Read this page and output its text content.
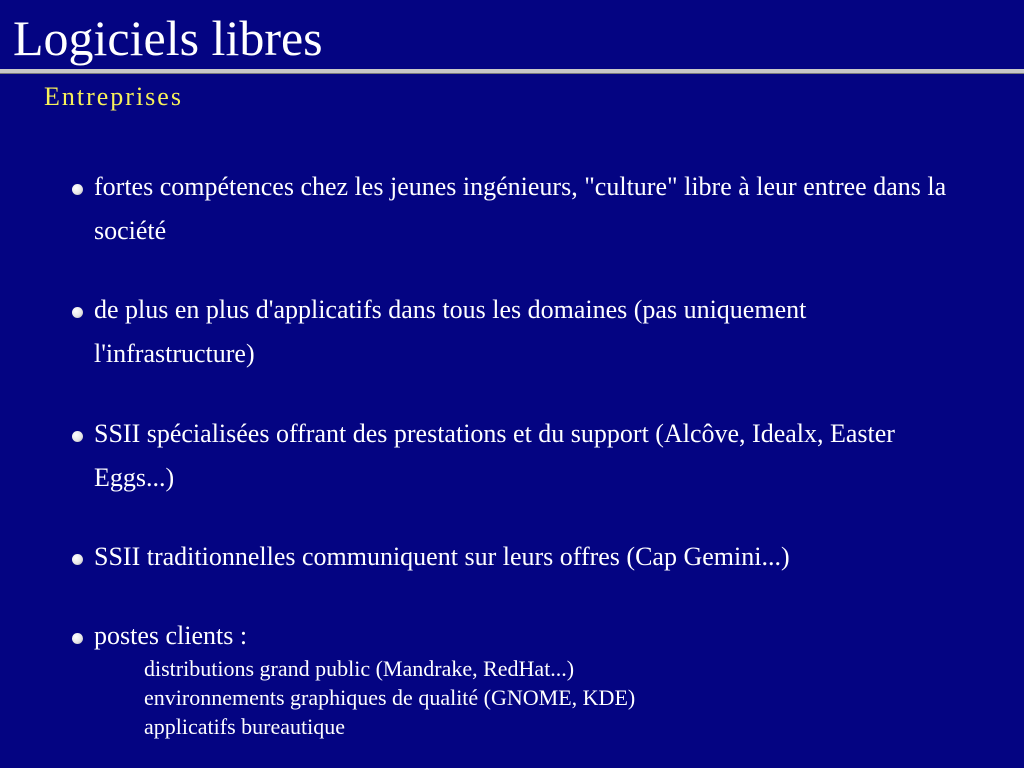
Logiciels libres
Entreprises
fortes compétences chez les jeunes ingénieurs, "culture" libre à leur entree dans la société
de plus en plus d'applicatifs dans tous les domaines (pas uniquement l'infrastructure)
SSII spécialisées offrant des prestations et du support (Alcôve, Idealx, Easter Eggs...)
SSII traditionnelles communiquent sur leurs offres (Cap Gemini...)
postes clients :
distributions grand public (Mandrake, RedHat...)
environnements graphiques de qualité (GNOME, KDE)
applicatifs bureautique
